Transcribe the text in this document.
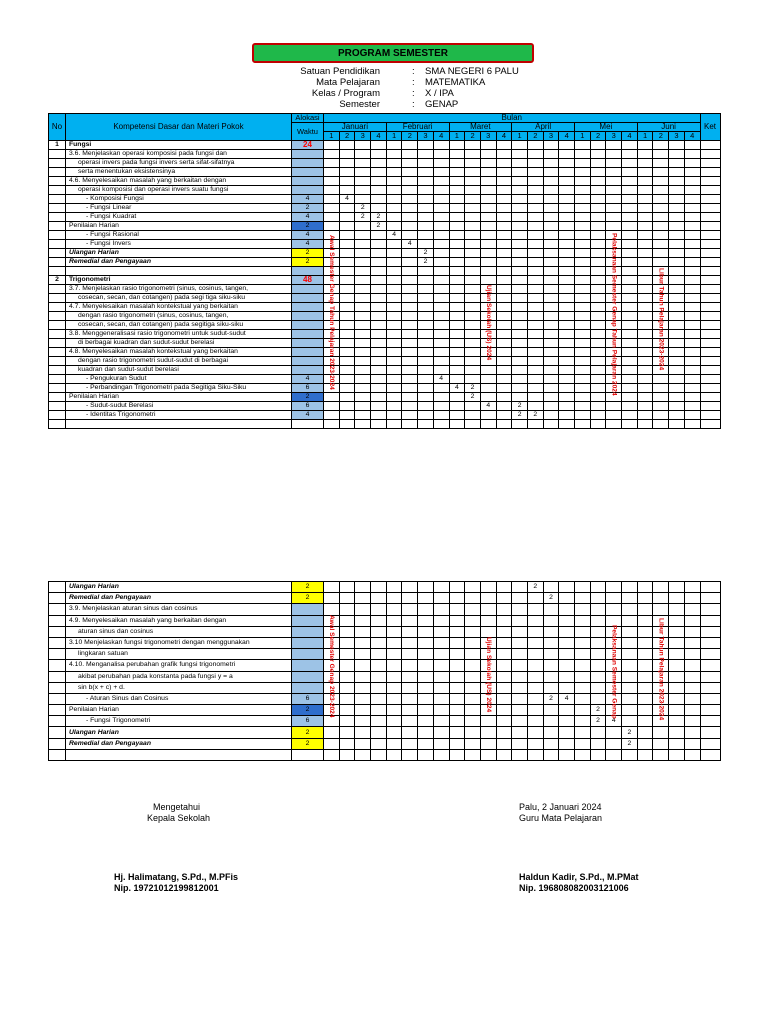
PROGRAM SEMESTER
Satuan Pendidikan	: SMA NEGERI 6 PALU
Mata Pelajaran	: MATEMATIKA
Kelas / Program	: X / IPA
Semester	: GENAP
No	Kompetensi Dasar dan Materi Pokok	Alokasi	Bulan																								Ket
		Waktu	Januari				Februari				Maret				April				Mei				Juni				
			1	2	3	4	1	2	3	4	1	2	3	4	1	2	3	4	1	2	3	4	1	2	3	4	
1	Fungsi	24																									
	3.6. Menjelaskan operasi komposisi pada fungsi dan																										
	operasi invers pada fungsi invers serta sifat-sifatnya																										
	serta menentukan eksistensinya																										
	4.6. Menyelesaikan masalah yang berkaitan dengan																										
	operasi komposisi dan operasi invers suatu fungsi																										
	- Komposisi Fungsi	4		4																							
	- Fungsi Linear	2			2																						
	- Fungsi Kuadrat	4			2	2																					
	Penilaian Harian	2				2																					
	- Fungsi Rasional	4					4																				
	- Fungsi Invers	4						4																			
	Ulangan Harian	2							2																		
	Remedial dan Pengayaan	2							2																		

2	Trigonometri	48																									
	3.7. Menjelaskan rasio trigonometri (sinus, cosinus, tangen,																										
	cosecan, secan, dan cotangen) pada segi tiga siku-siku																										
	4.7. Menyelesaikan masalah kontekstual yang berkaitan																										
	dengan rasio trigonometri (sinus, cosinus, tangen,																										
	cosecan, secan, dan cotangen) pada segitiga siku-siku																										
	3.8. Menggeneralisasi rasio trigonometri untuk sudut-sudut																										
	di berbagai kuadran dan sudut-sudut berelasi																										
	4.8. Menyelesaikan masalah kontekstual yang berkaitan																										
	dengan rasio trigonometri sudut-sudut di berbagai																										
	kuadran dan sudut-sudut berelasi																										
	- Pengukuran Sudut	4								4																	
	- Perbandingan Trigonometri pada Segitiga Siku-Siku	6									4	2															
	Penilaian Harian	2										2															
	- Sudut-sudut Berelasi	6											4		2												
	- Identitas Trigonometri	4													2	2											

	Ulangan Harian	2														2											
	Remedial dan Pengayaan	2															2										
	3.9. Menjelaskan aturan sinus dan cosinus																										
	4.9. Menyelesaikan masalah yang berkaitan dengan																										
	aturan sinus dan cosinus																										
	3.10 Menjelaskan fungsi trigonometri dengan menggunakan																										
	lingkaran satuan																										
	4.10. Menganalisa perubahan grafik fungsi trigonometri																										
	akibat perubahan pada konstanta pada fungsi y = a																										
	sin b(x + c) + d.																										
	- Aturan Sinus dan Cosinus	6															2	4									
	Penilaian Harian	2																		2							
	- Fungsi Trigonometri	6																		2	4						
	Ulangan Harian	2																				2					
	Remedial dan Pengayaan	2																				2					

Mengetahui
Kepala Sekolah
Hj. Halimatang, S.Pd., M.PFis
Nip. 19721012199812001
Palu, 2 Januari 2024
Guru Mata Pelajaran
Haldun Kadir, S.Pd., M.PMat
Nip. 196808082003121006
Awal Semester Genap Tahun Pelajaran 2023-2024	Ujian Sekolah (US) 2024	Pelaksanaan Semester Genap Tahun Pelajaran 2024	Libur Tahun Pelajaran 2023-2024
Awal Semester Genap 2023-2024	Ujian Sekolah (US) 2024	Pelaksanaan Semester Genap	Libur Tahun Pelajaran 2023-2024
